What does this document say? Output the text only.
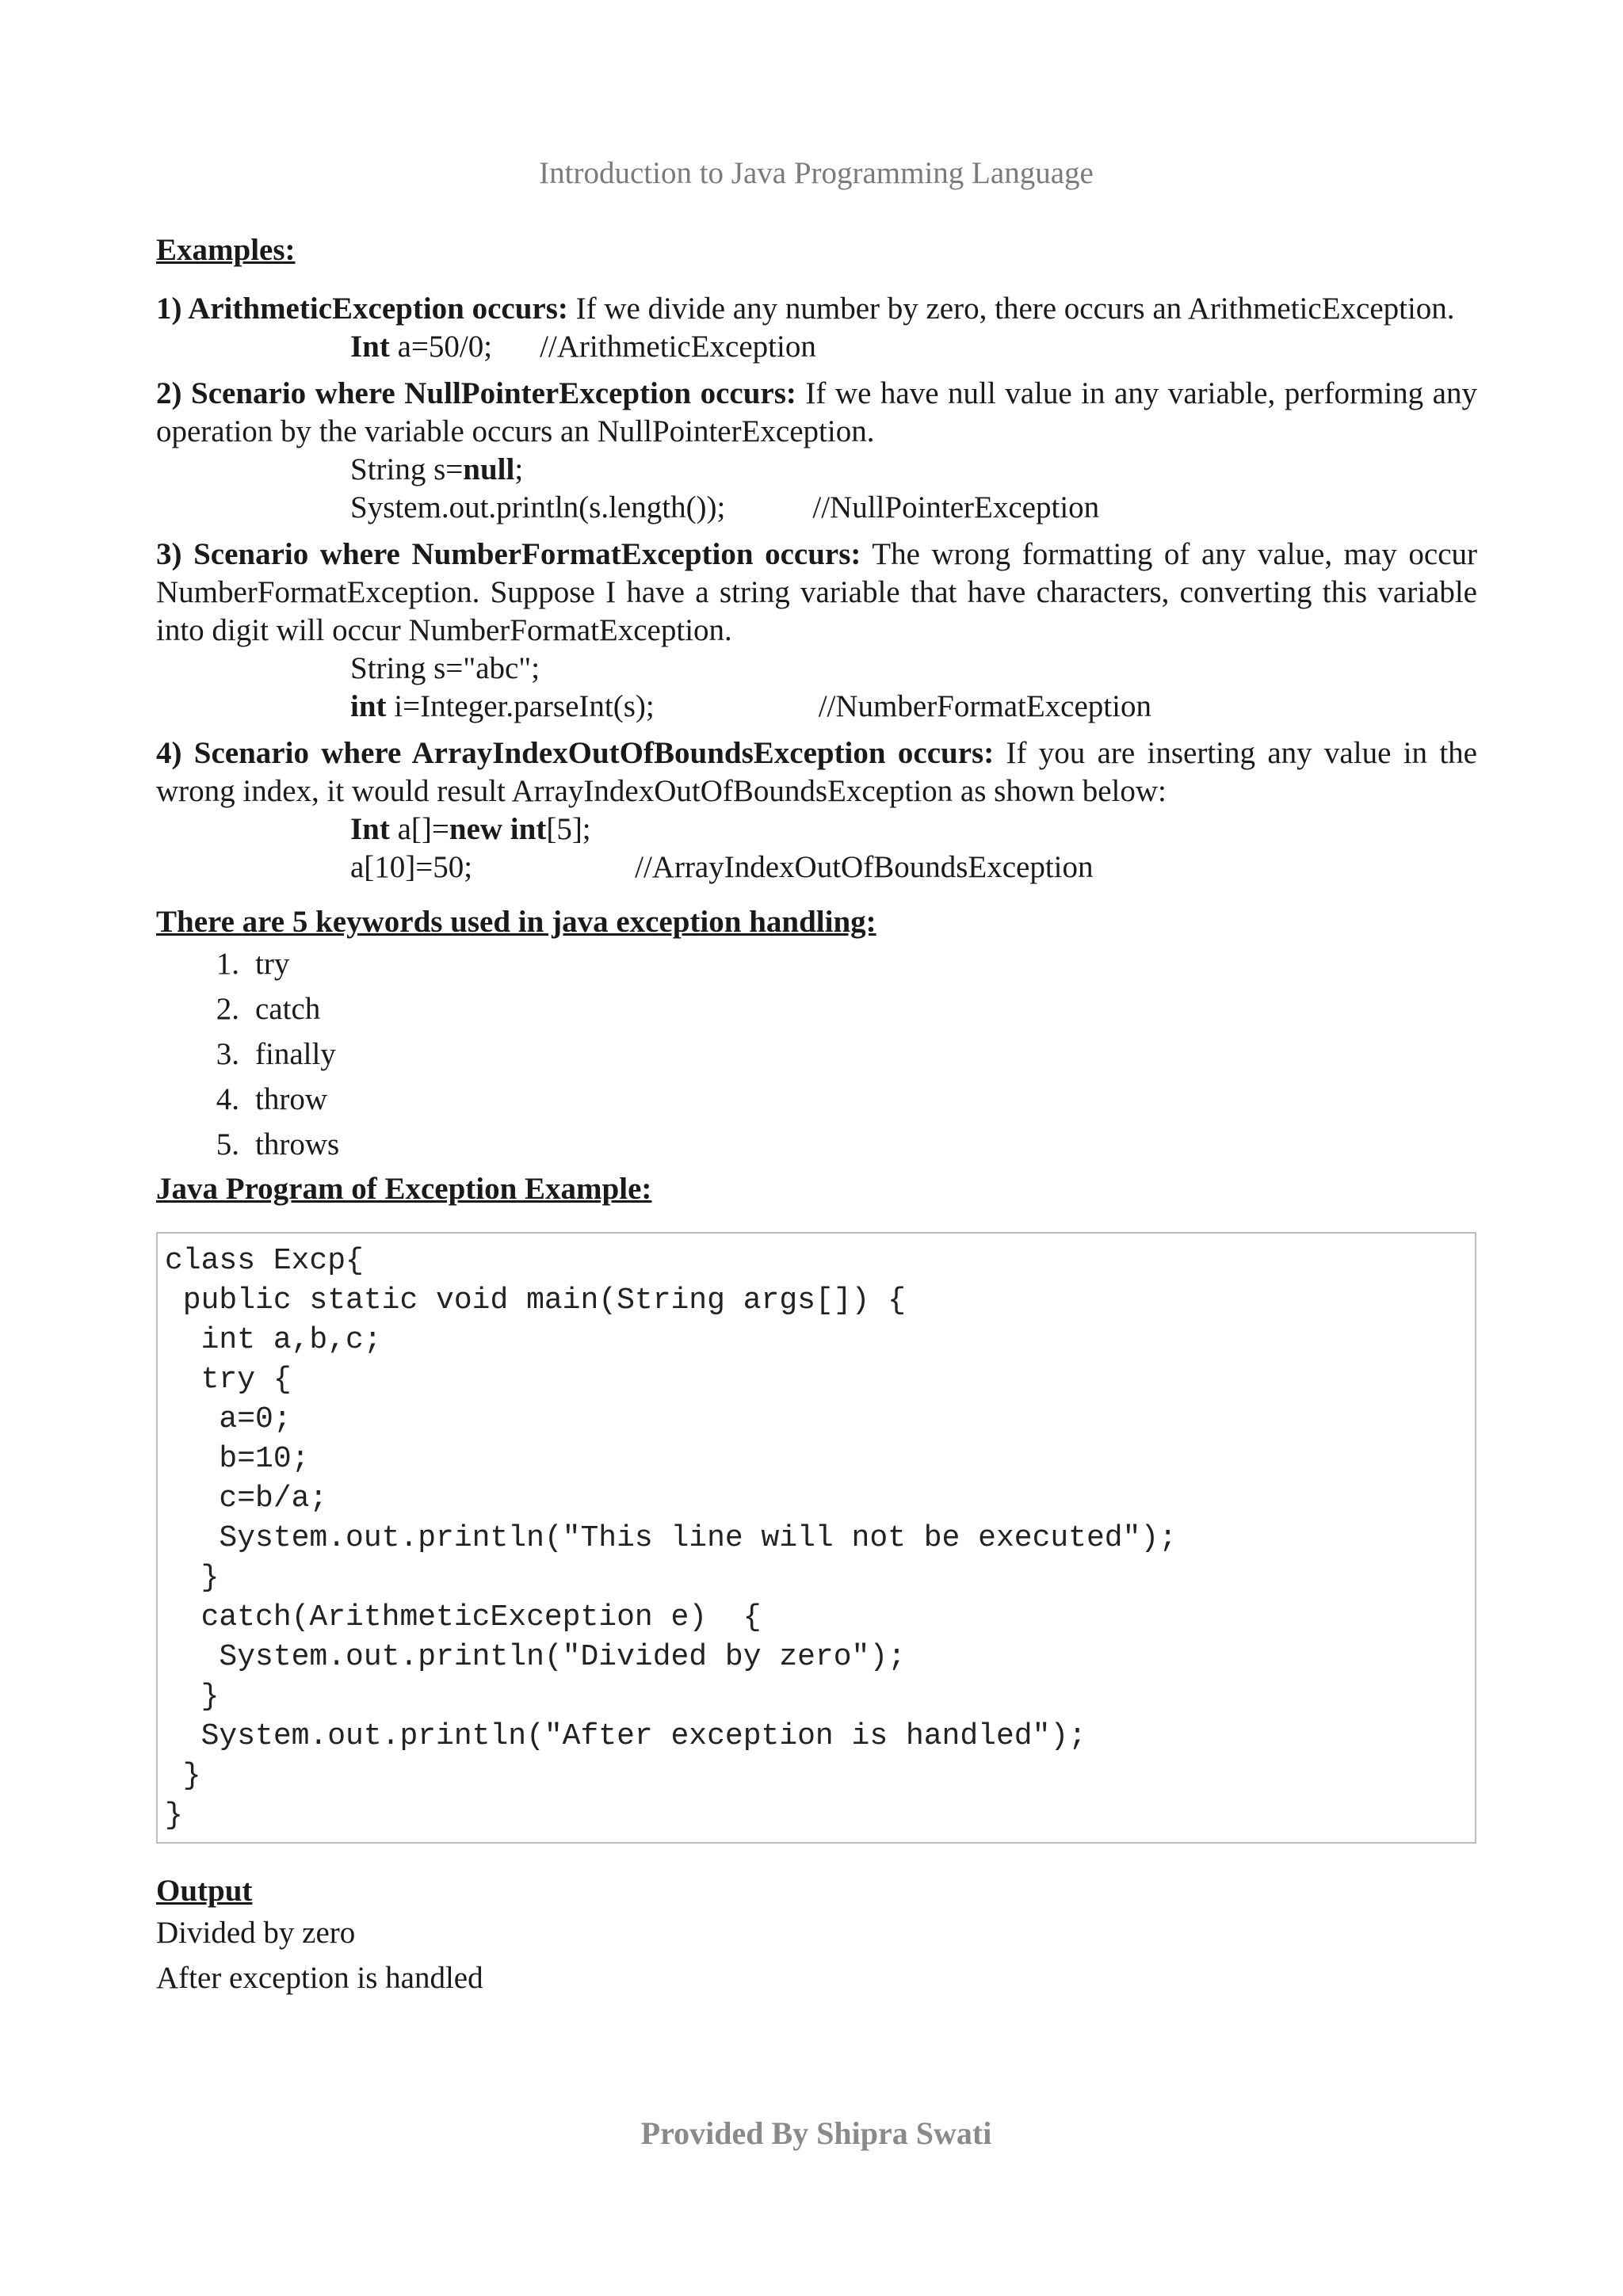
Introduction to Java Programming Language

Examples:

1) ArithmeticException occurs: If we divide any number by zero, there occurs an ArithmeticException.

Int a=50/0; //ArithmeticException

2) Scenario where NullPointerException occurs: If we have null value in any variable, performing any operation by the variable occurs an NullPointerException.

String s=null;
System.out.println(s.length());	//NullPointerException

3) Scenario where NumberFormatException occurs: The wrong formatting of any value, may occur NumberFormatException. Suppose I have a string variable that have characters, converting this variable into digit will occur NumberFormatException.

String s="abc";
int i=Integer.parseInt(s);	//NumberFormatException

4) Scenario where ArrayIndexOutOfBoundsException occurs: If you are inserting any value in the wrong index, it would result ArrayIndexOutOfBoundsException as shown below:

Int a[]=new int[5];
a[10]=50;	//ArrayIndexOutOfBoundsException

There are 5 keywords used in java exception handling:

1. try
2. catch
3. finally
4. throw
5. throws

Java Program of Exception Example:

class Excp{
public static void main(String args[]) {
int a,b,c;
try {
a=0;
b=10;
c=b/a;
System.out.println("This line will not be executed");
}
catch(ArithmeticException e)  {
System.out.println("Divided by zero");
}
System.out.println("After exception is handled");
}
}

Output

Divided by zero
After exception is handled
Provided By Shipra Swati
